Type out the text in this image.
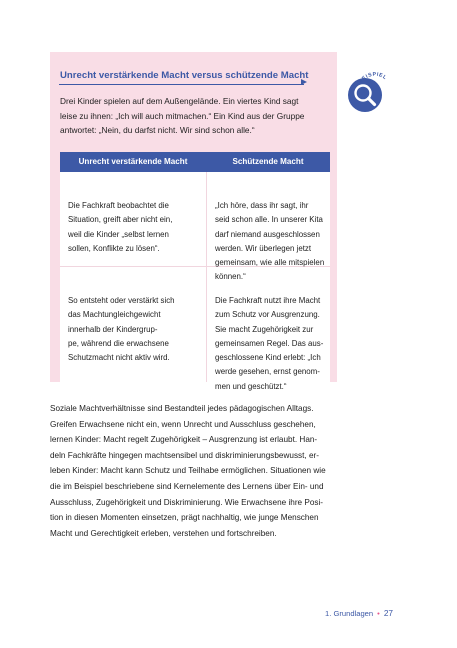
Unrecht verstärkende Macht versus schützende Macht
BEISPIEL
Drei Kinder spielen auf dem Außengelände. Ein viertes Kind sagt
leise zu ihnen: „Ich will auch mitmachen.“ Ein Kind aus der Gruppe
antwortet: „Nein, du darfst nicht. Wir sind schon alle.“
Unrecht verstärkende Macht	Schützende Macht
Die Fachkraft beobachtet die
Situation, greift aber nicht ein,
weil die Kinder „selbst lernen
sollen, Konflikte zu lösen“.
„Ich höre, dass ihr sagt, ihr
seid schon alle. In unserer Kita
darf niemand ausgeschlossen
werden. Wir überlegen jetzt
gemeinsam, wie alle mitspielen
können.“
So entsteht oder verstärkt sich
das Machtungleichgewicht
innerhalb der Kindergrup-
pe, während die erwachsene
Schutzmacht nicht aktiv wird.
Die Fachkraft nutzt ihre Macht
zum Schutz vor Ausgrenzung.
Sie macht Zugehörigkeit zur
gemeinsamen Regel. Das aus-
geschlossene Kind erlebt: „Ich
werde gesehen, ernst genom-
men und geschützt.“
Soziale Machtverhältnisse sind Bestandteil jedes pädagogischen Alltags.
Greifen Erwachsene nicht ein, wenn Unrecht und Ausschluss geschehen,
lernen Kinder: Macht regelt Zugehörigkeit – Ausgrenzung ist erlaubt. Han-
deln Fachkräfte hingegen machtsensibel und diskriminierungsbewusst, er-
leben Kinder: Macht kann Schutz und Teilhabe ermöglichen. Situationen wie
die im Beispiel beschriebene sind Kernelemente des Lernens über Ein- und
Ausschluss, Zugehörigkeit und Diskriminierung. Wie Erwachsene ihre Posi-
tion in diesen Momenten einsetzen, prägt nachhaltig, wie junge Menschen
Macht und Gerechtigkeit erleben, verstehen und fortschreiben.
1. Grundlagen • 27
